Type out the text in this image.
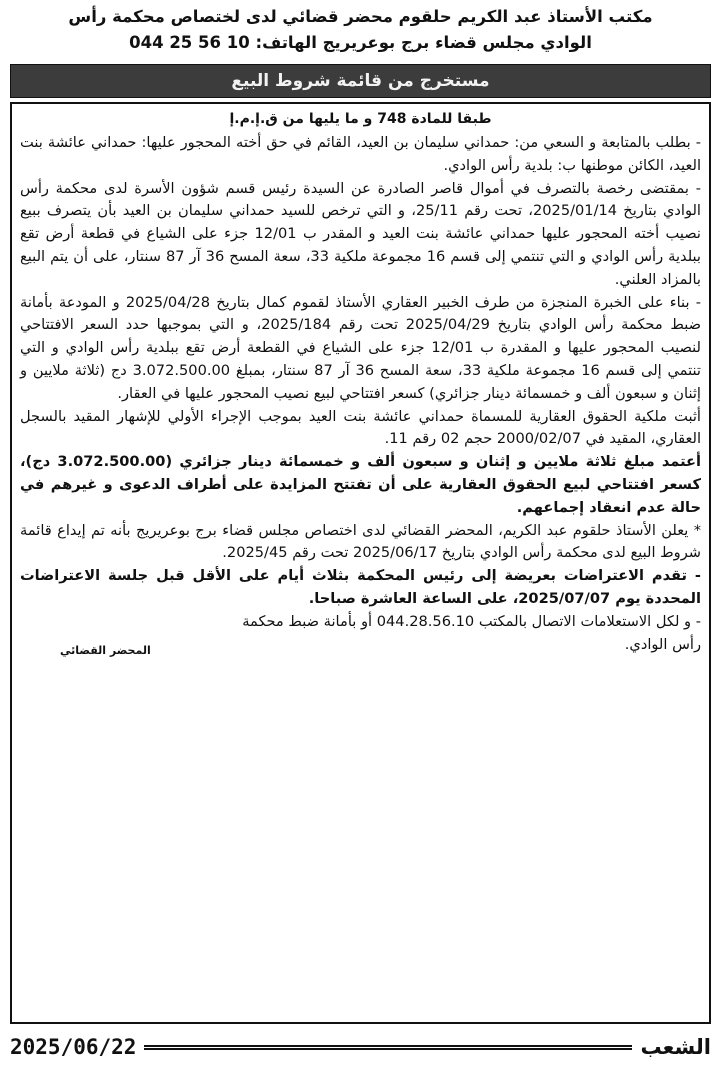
مكتب الأستاذ عبد الكريم حلقوم محضر قضائي لدى لختصاص محكمة رأس
الوادي مجلس قضاء برج بوعريريج الهاتف: 10 56 25 044
مستخرج من قائمة شروط البيع
طبقا للمادة 748 و ما يليها من ق.إ.م.إ

- بطلب بالمتابعة و السعي من: حمداني سليمان بن العيد، القائم في حق أخته المحجور عليها: حمداني عائشة بنت العيد، الكائن موطنها ب: بلدية رأس الوادي.

- بمقتضى رخصة بالتصرف في أموال قاصر الصادرة عن السيدة رئيس قسم شؤون الأسرة لدى محكمة رأس الوادي بتاريخ 2025/01/14، تحت رقم 25/11، و التي ترخص للسيد حمداني سليمان بن العيد بأن يتصرف ببيع نصيب أخته المحجور عليها حمداني عائشة بنت العيد و المقدر ب 12/01 جزء على الشياع في قطعة أرض تقع ببلدية رأس الوادي و التي تنتمي إلى قسم 16 مجموعة ملكية 33، سعة المسح 36 آر 87 سنتار، على أن يتم البيع بالمزاد العلني.

- بناء على الخبرة المنجزة من طرف الخبير العقاري الأستاذ لقموم كمال بتاريخ 2025/04/28 و المودعة بأمانة ضبط محكمة رأس الوادي بتاريخ 2025/04/29 تحت رقم 2025/184، و التي بموجبها حدد السعر الافتتاحي لنصيب المحجور عليها و المقدرة ب 12/01 جزء على الشياع في القطعة أرض تقع ببلدية رأس الوادي و التي تنتمي إلى قسم 16 مجموعة ملكية 33، سعة المسح 36 آر 87 سنتار، بمبلغ 3.072.500.00 دج (ثلاثة ملايين و إثنان و سبعون ألف و خمسمائة دينار جزائري) كسعر افتتاحي لبيع نصيب المحجور عليها في العقار.

أثبت ملكية الحقوق العقارية للمسماة حمداني عائشة بنت العيد بموجب الإجراء الأولي للإشهار المقيد بالسجل العقاري، المقيد في 2000/02/07 حجم 02 رقم 11.

أعتمد مبلغ ثلاثة ملايين و إثنان و سبعون ألف و خمسمائة دينار جزائري (3.072.500.00 دج)، كسعر افتتاحي لبيع الحقوق العقارية على أن تفتتح المزايدة على أطراف الدعوى و غيرهم في حالة عدم انعقاد إجماعهم.

* يعلن الأستاذ حلقوم عبد الكريم، المحضر القضائي لدى اختصاص مجلس قضاء برج بوعريريج بأنه تم إيداع قائمة شروط البيع لدى محكمة رأس الوادي بتاريخ 2025/06/17 تحت رقم 2025/45.

- تقدم الاعتراضات بعريضة إلى رئيس المحكمة بثلاث أيام على الأقل قبل جلسة الاعتراضات المحددة يوم 2025/07/07، على الساعة العاشرة صباحا.

- و لكل الاستعلامات الاتصال بالمكتب 044.28.56.10 أو بأمانة ضبط محكمة

رأس الوادي.
المحضر القضائي
الشعب
2025/06/22
